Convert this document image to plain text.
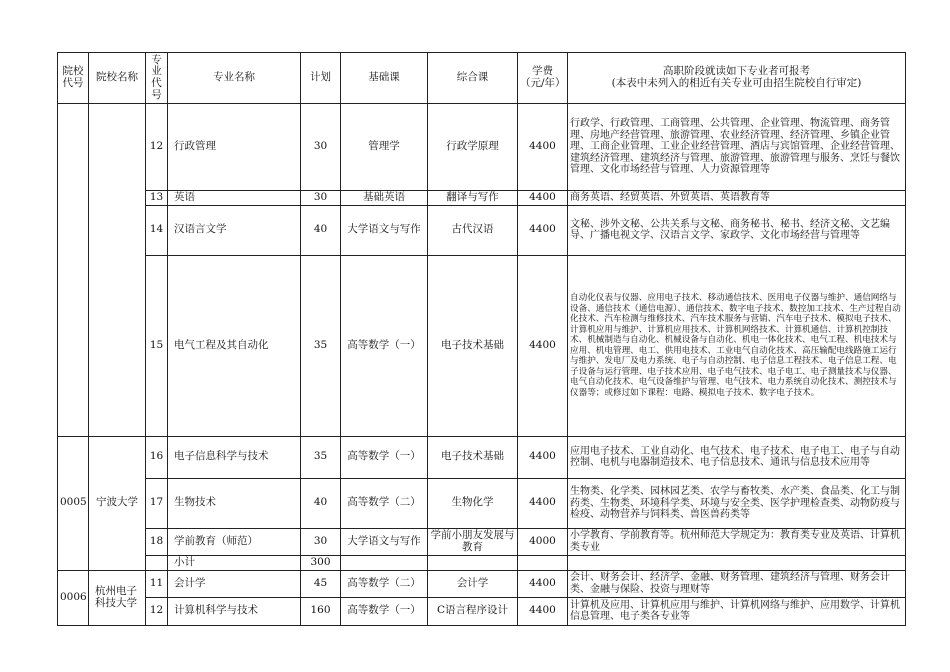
院校代号	院校名称	专业代号	专业名称	计划	基础课	综合课	学费（元/年）	高职阶段就读如下专业者可报考
(本表中未列入的相近有关专业可由招生院校自行审定)

		12	行政管理	30	管理学	行政学原理	4400	行政学、行政管理、工商管理、公共管理、企业管理、物流管理、商务管理、房地产经营管理、旅游管理、农业经济管理、经济管理、乡镇企业管理、工商企业管理、工业企业经营管理、酒店与宾馆管理、企业经营管理、建筑经济管理、建筑经济与管理、旅游管理、旅游管理与服务、烹饪与餐饮管理、文化市场经营与管理、人力资源管理等
		13	英语	30	基础英语	翻译与写作	4400	商务英语、经贸英语、外贸英语、英语教育等
		14	汉语言文学	40	大学语文与写作	古代汉语	4400	文秘、涉外文秘、公共关系与文秘、商务秘书、秘书、经济文秘、文艺编导、广播电视文学、汉语言文学、家政学、文化市场经营与管理等
		15	电气工程及其自动化	35	高等数学（一）	电子技术基础	4400	自动化仪表与仪器、应用电子技术、移动通信技术、医用电子仪器与维护、通信网络与设备、通信技术（通信电源）、通信技术、数字电子技术、数控加工技术、生产过程自动化技术、汽车检测与维修技术、汽车技术服务与营销、汽车电子技术、模拟电子技术、计算机应用与维护、计算机应用技术、计算机网络技术、计算机通信、计算机控制技术、机械制造与自动化、机械设备与自动化、机电一体化技术、电气工程、机电技术与应用、机电管理、电工、供用电技术、工业电气自动化技术、高压输配电线路施工运行与维护、发电厂及电力系统、电子与自动控制、电子信息工程技术、电子信息工程、电子设备与运行管理、电子技术应用、电子电气技术、电子电工、电子测量技术与仪器、电气自动化技术、电气设备维护与管理、电气技术、电力系统自动化技术、测控技术与仪器等；或修过如下课程：电路、模拟电子技术、数字电子技术。
0005	宁波大学	16	电子信息科学与技术	35	高等数学（一）	电子技术基础	4400	应用电子技术、工业自动化、电气技术、电子技术、电子电工、电子与自动控制、电机与电器制造技术、电子信息技术、通讯与信息技术应用等
		17	生物技术	40	高等数学（二）	生物化学	4400	生物类、化学类、园林园艺类、农学与畜牧类、水产类、食品类、化工与制药类、生物类、环境科学类、环境与安全类、医学护理检查类、动物防疫与检疫、动物营养与饲料类、兽医兽药类等
		18	学前教育（师范）	30	大学语文与写作	学前小朋友发展与教育	4000	小学教育、学前教育等。杭州师范大学规定为：教育类专业及英语、计算机类专业
			小计	300				
0006	杭州电子科技大学	11	会计学	45	高等数学（二）	会计学	4400	会计、财务会计、经济学、金融、财务管理、建筑经济与管理、财务会计类、金融与保险、投资与理财等
		12	计算机科学与技术	160	高等数学（一）	C语言程序设计	4400	计算机及应用、计算机应用与维护、计算机网络与维护、应用数学、计算机信息管理、电子类各专业等
